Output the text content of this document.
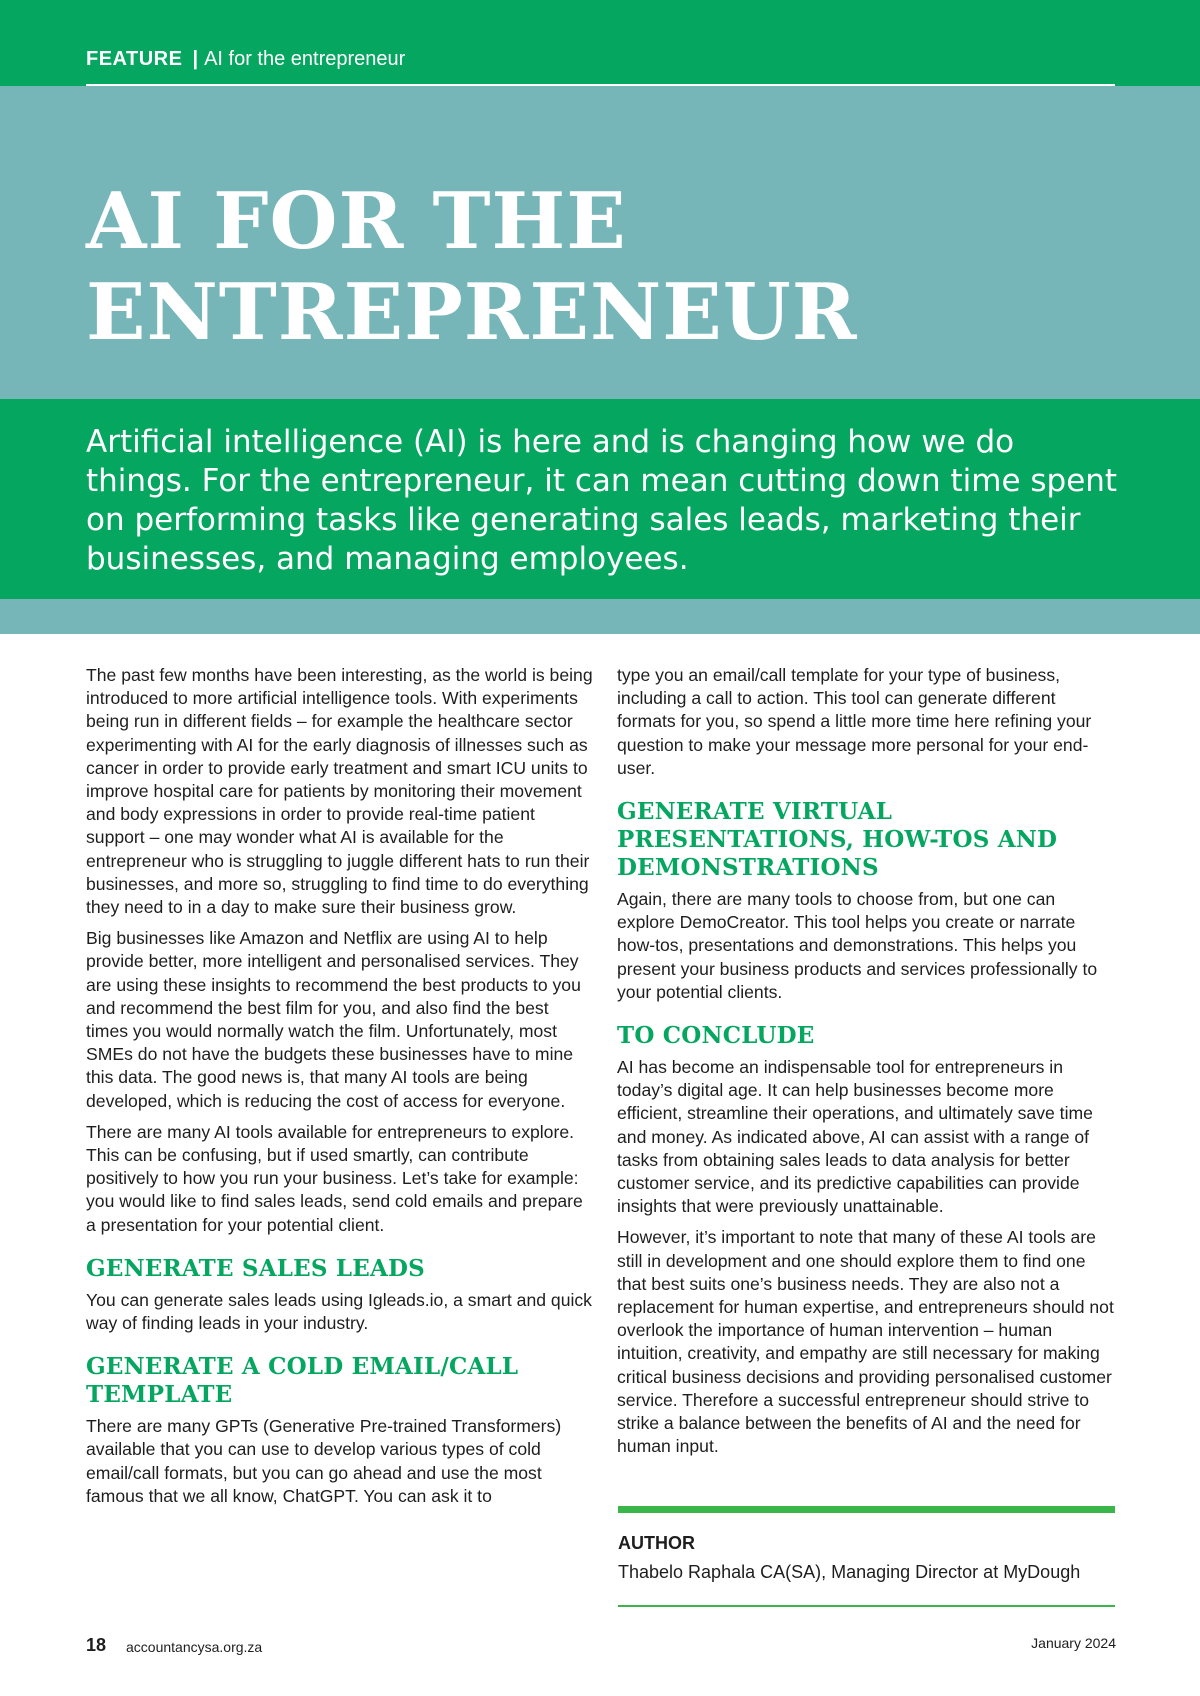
FEATURE | AI for the entrepreneur
AI FOR THE
ENTREPRENEUR

Artificial intelligence (AI) is here and is changing how we do things. For the entrepreneur, it can mean cutting down time spent on performing tasks like generating sales leads, marketing their businesses, and managing employees.

The past few months have been interesting, as the world is being introduced to more artificial intelligence tools. With experiments being run in different fields – for example the healthcare sector experimenting with AI for the early diagnosis of illnesses such as cancer in order to provide early treatment and smart ICU units to improve hospital care for patients by monitoring their movement and body expressions in order to provide real-time patient support – one may wonder what AI is available for the entrepreneur who is struggling to juggle different hats to run their businesses, and more so, struggling to find time to do everything they need to in a day to make sure their business grow.

Big businesses like Amazon and Netflix are using AI to help provide better, more intelligent and personalised services. They are using these insights to recommend the best products to you and recommend the best film for you, and also find the best times you would normally watch the film. Unfortunately, most SMEs do not have the budgets these businesses have to mine this data. The good news is, that many AI tools are being developed, which is reducing the cost of access for everyone.

There are many AI tools available for entrepreneurs to explore. This can be confusing, but if used smartly, can contribute positively to how you run your business. Let’s take for example: you would like to find sales leads, send cold emails and prepare a presentation for your potential client.

GENERATE SALES LEADS

You can generate sales leads using Igleads.io, a smart and quick way of finding leads in your industry.

GENERATE A COLD EMAIL/CALL TEMPLATE

There are many GPTs (Generative Pre-trained Transformers) available that you can use to develop various types of cold email/call formats, but you can go ahead and use the most famous that we all know, ChatGPT. You can ask it to

type you an email/call template for your type of business, including a call to action. This tool can generate different formats for you, so spend a little more time here refining your question to make your message more personal for your end-user.

GENERATE VIRTUAL PRESENTATIONS, HOW-TOS AND DEMONSTRATIONS

Again, there are many tools to choose from, but one can explore DemoCreator. This tool helps you create or narrate how-tos, presentations and demonstrations. This helps you present your business products and services professionally to your potential clients.

TO CONCLUDE

AI has become an indispensable tool for entrepreneurs in today’s digital age. It can help businesses become more efficient, streamline their operations, and ultimately save time and money. As indicated above, AI can assist with a range of tasks from obtaining sales leads to data analysis for better customer service, and its predictive capabilities can provide insights that were previously unattainable.

However, it’s important to note that many of these AI tools are still in development and one should explore them to find one that best suits one’s business needs. They are also not a replacement for human expertise, and entrepreneurs should not overlook the importance of human intervention – human intuition, creativity, and empathy are still necessary for making critical business decisions and providing personalised customer service. Therefore a successful entrepreneur should strive to strike a balance between the benefits of AI and the need for human input.

AUTHOR
Thabelo Raphala CA(SA), Managing Director at MyDough
18 accountancysa.org.za	January 2024
